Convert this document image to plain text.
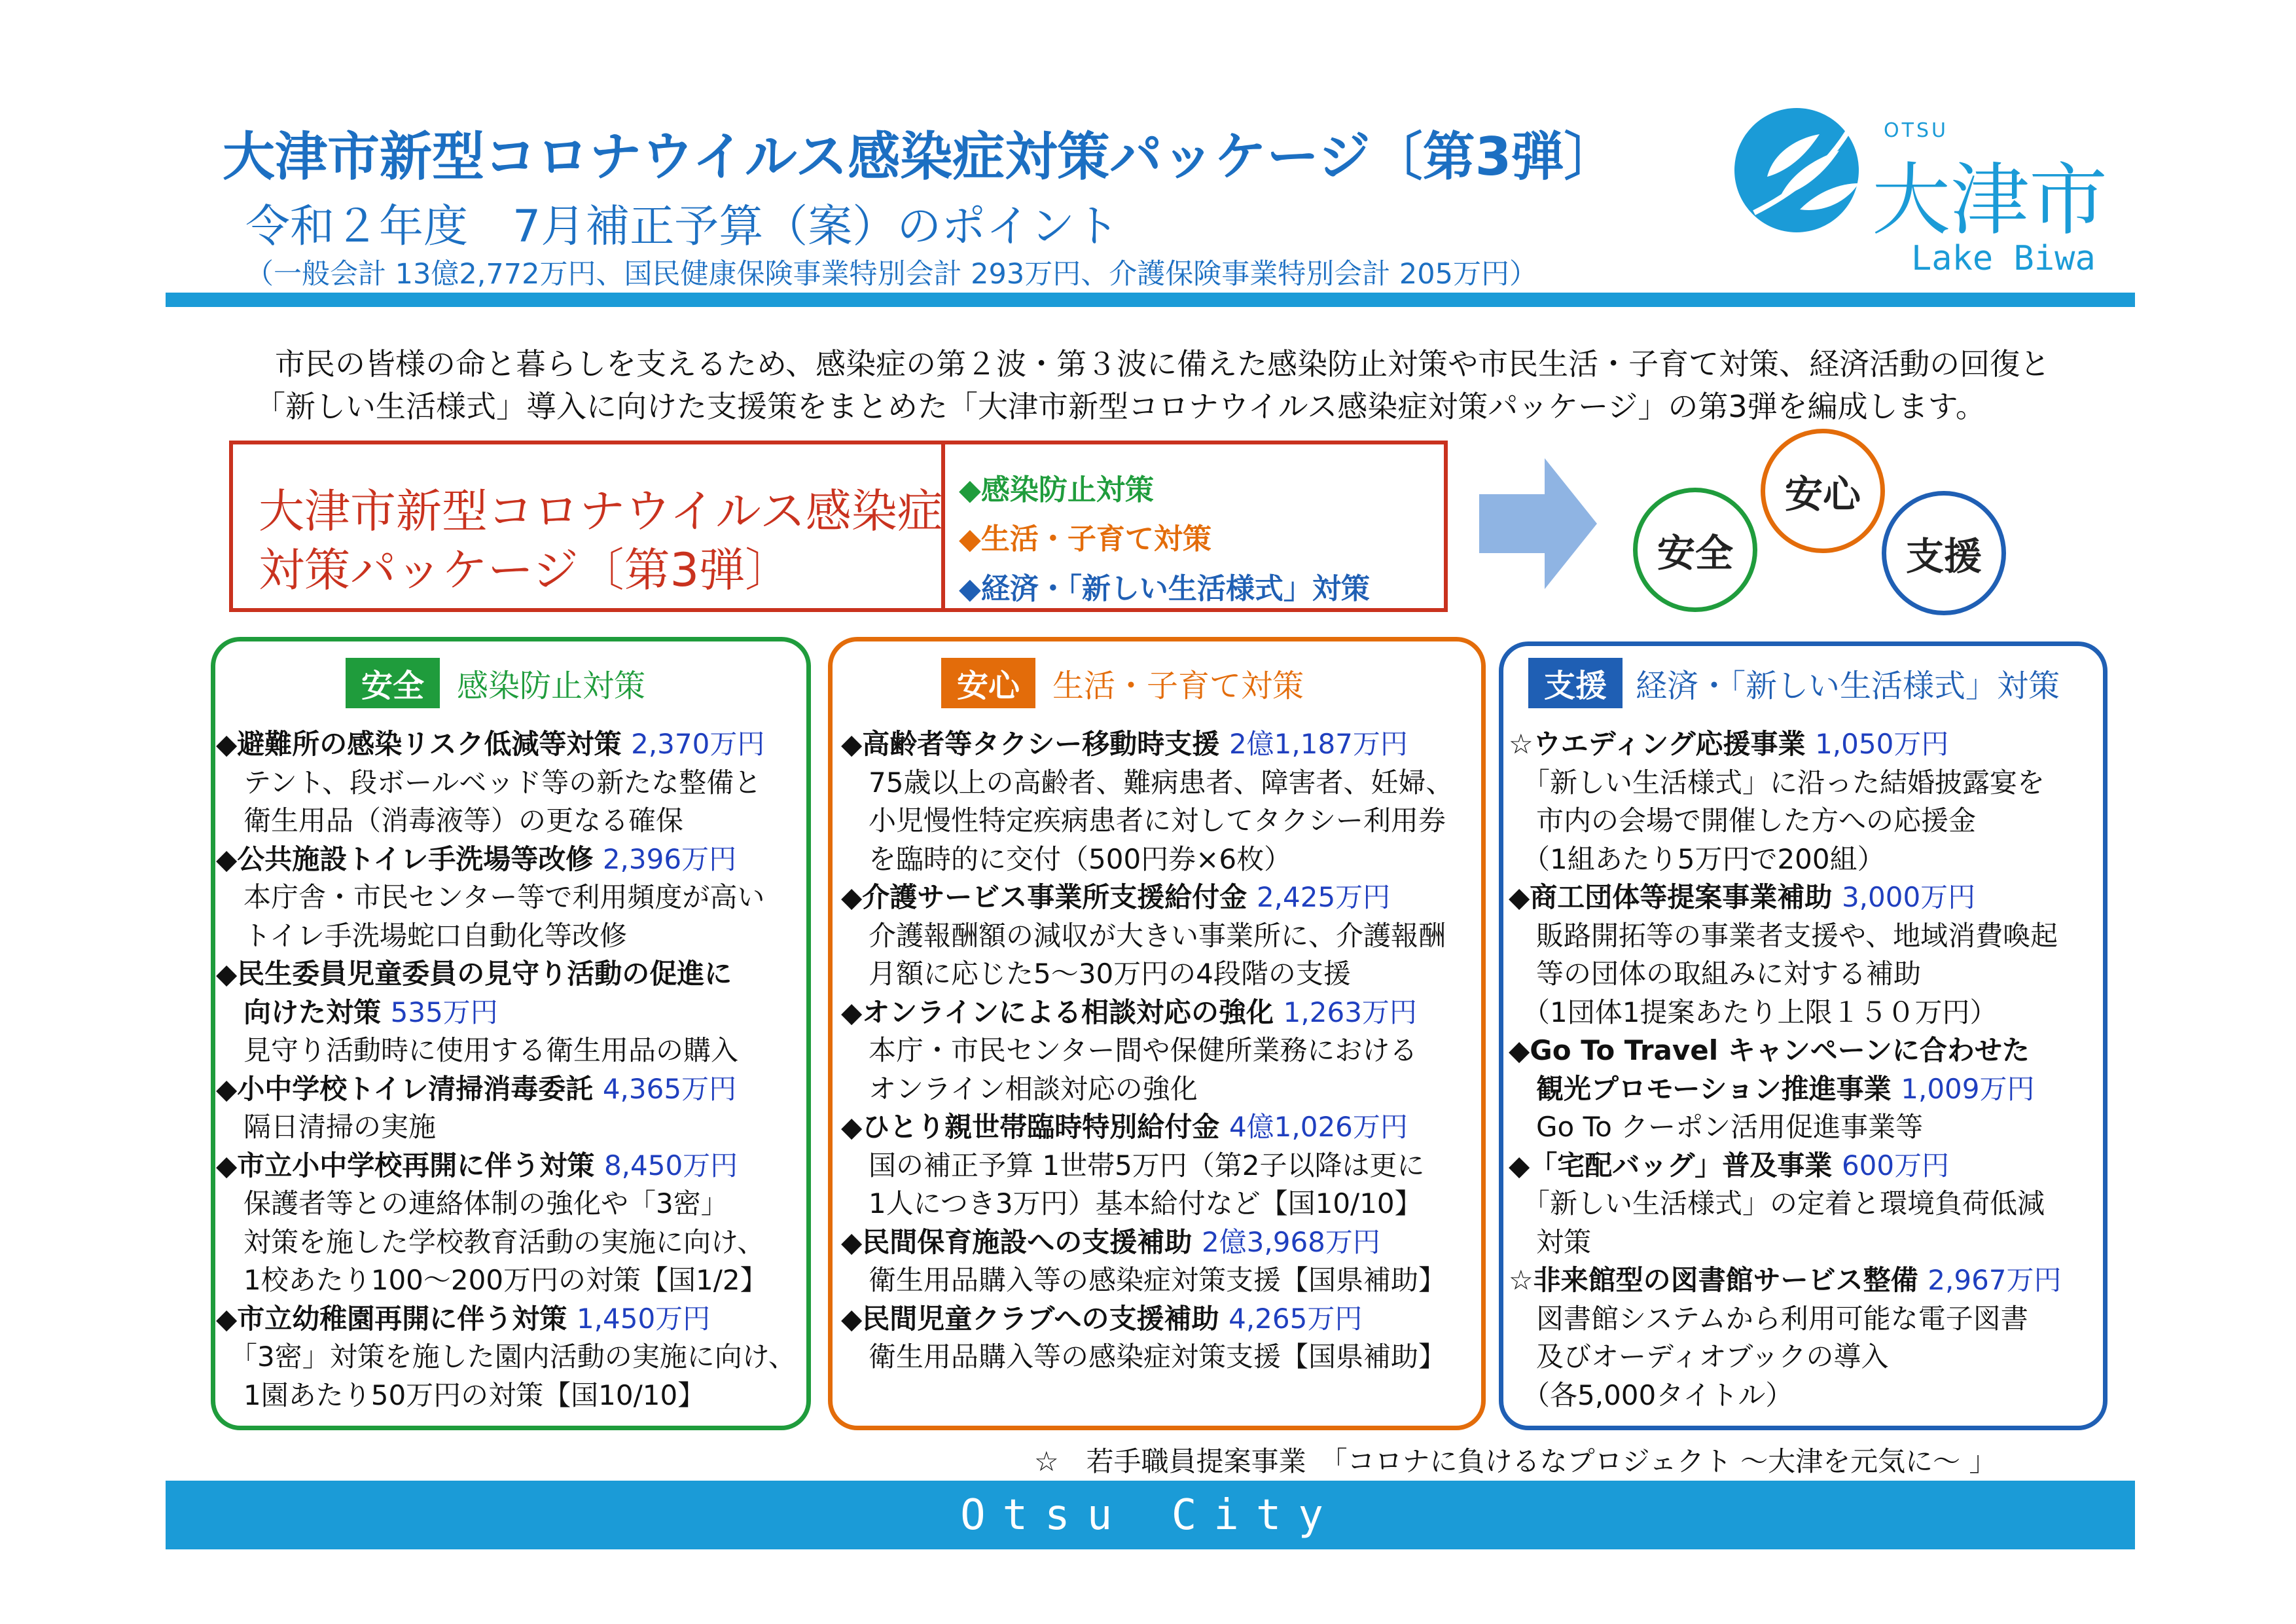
大津市新型コロナウイルス感染症対策パッケージ〔第3弾〕
令和２年度　7月補正予算（案）のポイント
（一般会計 13億2,772万円、国民健康保険事業特別会計 293万円、介護保険事業特別会計 205万円）
OTSU
大津市
Lake Biwa
市民の皆様の命と暮らしを支えるため、感染症の第２波・第３波に備えた感染防止対策や市民生活・子育て対策、経済活動の回復と
「新しい生活様式」導入に向けた支援策をまとめた「大津市新型コロナウイルス感染症対策パッケージ」の第3弾を編成します。
大津市新型コロナウイルス感染症
対策パッケージ〔第3弾〕
◆感染防止対策
◆生活・子育て対策
◆経済・「新しい生活様式」対策
安全
安心
支援
安全	感染防止対策	安心	生活・子育て対策	支援 経済・「新しい生活様式」対策
◆避難所の感染リスク低減等対策 2,370万円
　テント、段ボールベッド等の新たな整備と
　衛生用品（消毒液等）の更なる確保
◆公共施設トイレ手洗場等改修 2,396万円
　本庁舎・市民センター等で利用頻度が高い
　トイレ手洗場蛇口自動化等改修
◆民生委員児童委員の見守り活動の促進に
　向けた対策 535万円
　見守り活動時に使用する衛生用品の購入
◆小中学校トイレ清掃消毒委託 4,365万円
　隔日清掃の実施
◆市立小中学校再開に伴う対策 8,450万円
　保護者等との連絡体制の強化や「3密」
　対策を施した学校教育活動の実施に向け、
　1校あたり100～200万円の対策【国1/2】
◆市立幼稚園再開に伴う対策 1,450万円
　「3密」対策を施した園内活動の実施に向け、
　1園あたり50万円の対策【国10/10】
◆高齢者等タクシー移動時支援 2億1,187万円
　75歳以上の高齢者、難病患者、障害者、妊婦、
　小児慢性特定疾病患者に対してタクシー利用券
　を臨時的に交付（500円券×6枚）
◆介護サービス事業所支援給付金 2,425万円
　介護報酬額の減収が大きい事業所に、介護報酬
　月額に応じた5～30万円の4段階の支援
◆オンラインによる相談対応の強化 1,263万円
　本庁・市民センター間や保健所業務における
　オンライン相談対応の強化
◆ひとり親世帯臨時特別給付金 4億1,026万円
　国の補正予算 1世帯5万円（第2子以降は更に
　1人につき3万円）基本給付など【国10/10】
◆民間保育施設への支援補助 2億3,968万円
　衛生用品購入等の感染症対策支援【国県補助】
◆民間児童クラブへの支援補助 4,265万円
　衛生用品購入等の感染症対策支援【国県補助】
☆ウエディング応援事業 1,050万円
　「新しい生活様式」に沿った結婚披露宴を
　市内の会場で開催した方への応援金
　（1組あたり5万円で200組）
◆商工団体等提案事業補助 3,000万円
　販路開拓等の事業者支援や、地域消費喚起
　等の団体の取組みに対する補助
　（1団体1提案あたり上限１５０万円）
◆Go To Travel キャンペーンに合わせた
　観光プロモーション推進事業 1,009万円
　Go To クーポン活用促進事業等
◆「宅配バッグ」普及事業 600万円
　「新しい生活様式」の定着と環境負荷低減
　対策
☆非来館型の図書館サービス整備 2,967万円
　図書館システムから利用可能な電子図書
　及びオーディオブックの導入
　（各5,000タイトル）
☆　若手職員提案事業　「コロナに負けるなプロジェクト ～大津を元気に～ 」
Otsu City
